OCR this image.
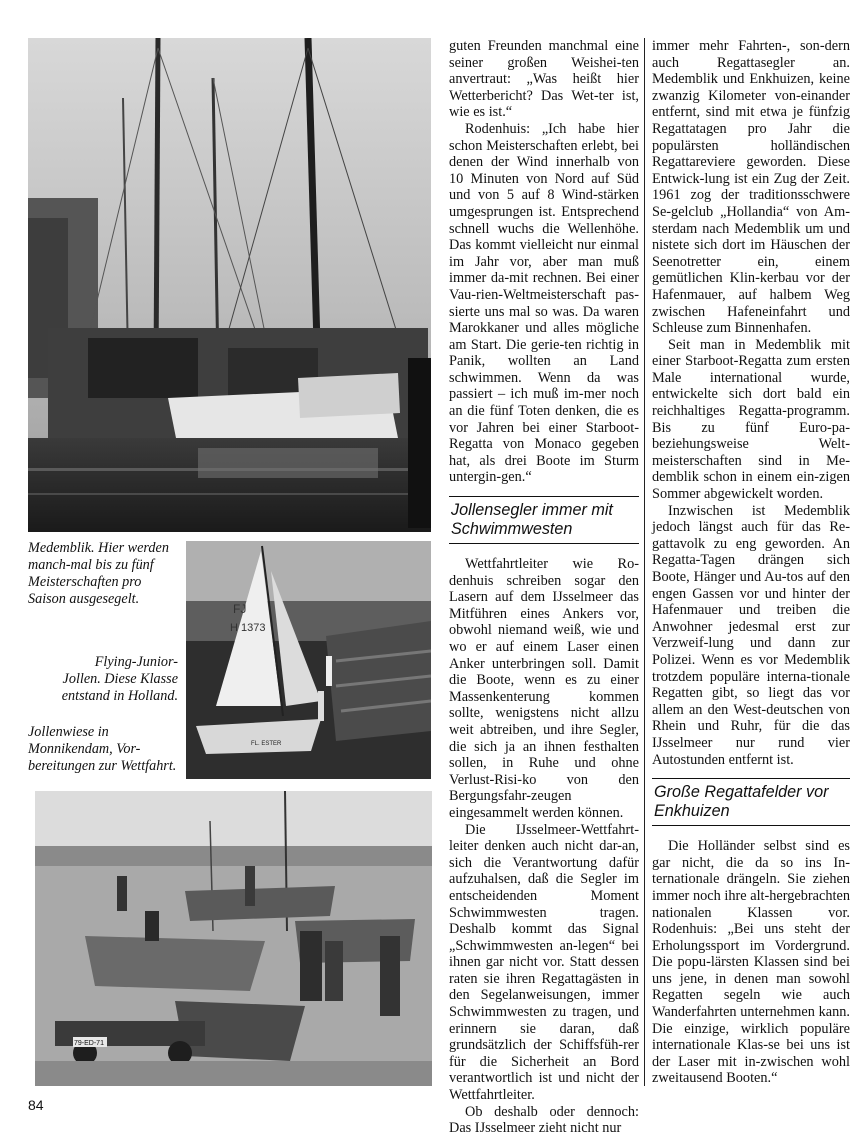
Medemblik. Hier werden manch-mal bis zu fünf Meisterschaften pro Saison ausgesegelt.
FJ
H 1373
FL. ESTER
Flying-Junior-Jollen. Diese Klasse entstand in Holland.
Jollenwiese in Monnikendam, Vor-bereitungen zur Wettfahrt.
79-ED-71

guten Freunden manchmal eine seiner großen Weishei-ten anvertraut: „Was heißt hier Wetterbericht? Das Wet-ter ist, wie es ist.“

Rodenhuis: „Ich habe hier schon Meisterschaften erlebt, bei denen der Wind innerhalb von 10 Minuten von Nord auf Süd und von 5 auf 8 Wind-stärken umgesprungen ist. Entsprechend schnell wuchs die Wellenhöhe. Das kommt vielleicht nur einmal im Jahr vor, aber man muß immer da-mit rechnen. Bei einer Vau-rien-Weltmeisterschaft pas-sierte uns mal so was. Da waren Marokkaner und alles mögliche am Start. Die gerie-ten richtig in Panik, wollten an Land schwimmen. Wenn da was passiert – ich muß im-mer noch an die fünf Toten denken, die es vor Jahren bei einer Starboot-Regatta von Monaco gegeben hat, als drei Boote im Sturm untergin-gen.“

Jollensegler immer mit Schwimmwesten

Wettfahrtleiter wie Ro-denhuis schreiben sogar den Lasern auf dem IJsselmeer das Mitführen eines Ankers vor, obwohl niemand weiß, wie und wo er auf einem Laser einen Anker unterbringen soll. Damit die Boote, wenn es zu einer Massenkenterung kommen sollte, wenigstens nicht allzu weit abtreiben, und ihre Segler, die sich ja an ihnen festhalten sollen, in Ruhe und ohne Verlust-Risi-ko von den Bergungsfahr-zeugen eingesammelt werden können.

Die IJsselmeer-Wettfahrt-leiter denken auch nicht dar-an, sich die Verantwortung dafür aufzuhalsen, daß die Segler im entscheidenden Moment Schwimmwesten tragen. Deshalb kommt das Signal „Schwimmwesten an-legen“ bei ihnen gar nicht vor. Statt dessen raten sie ihren Regattagästen in den Segelanweisungen, immer Schwimmwesten zu tragen, und erinnern sie daran, daß grundsätzlich der Schiffsfüh-rer für die Sicherheit an Bord verantwortlich ist und nicht der Wettfahrtleiter.

Ob deshalb oder dennoch: Das IJsselmeer zieht nicht nur

immer mehr Fahrten-, son-dern auch Regattasegler an. Medemblik und Enkhuizen, keine zwanzig Kilometer von-einander entfernt, sind mit etwa je fünfzig Regattatagen pro Jahr die populärsten holländischen Regattareviere geworden. Diese Entwick-lung ist ein Zug der Zeit. 1961 zog der traditionsschwere Se-gelclub „Hollandia“ von Am-sterdam nach Medemblik um und nistete sich dort im Häuschen der Seenotretter ein, einem gemütlichen Klin-kerbau vor der Hafenmauer, auf halbem Weg zwischen Hafeneinfahrt und Schleuse zum Binnenhafen.

Seit man in Medemblik mit einer Starboot-Regatta zum ersten Male international wurde, entwickelte sich dort bald ein reichhaltiges Regatta-programm. Bis zu fünf Euro-pa- beziehungsweise Welt-meisterschaften sind in Me-demblik schon in einem ein-zigen Sommer abgewickelt worden.

Inzwischen ist Medemblik jedoch längst auch für das Re-gattavolk zu eng geworden. An Regatta-Tagen drängen sich Boote, Hänger und Au-tos auf den engen Gassen vor und hinter der Hafenmauer und treiben die Anwohner jedesmal erst zur Verzweif-lung und dann zur Polizei. Wenn es vor Medemblik trotzdem populäre interna-tionale Regatten gibt, so liegt das vor allem an den West-deutschen von Rhein und Ruhr, für die das IJsselmeer nur rund vier Autostunden entfernt ist.

Große Regattafelder vor Enkhuizen

Die Holländer selbst sind es gar nicht, die da so ins In-ternationale drängeln. Sie ziehen immer noch ihre alt-hergebrachten nationalen Klassen vor. Rodenhuis: „Bei uns steht der Erholungssport im Vordergrund. Die popu-lärsten Klassen sind bei uns jene, in denen man sowohl Regatten segeln wie auch Wanderfahrten unternehmen kann. Die einzige, wirklich populäre internationale Klas-se bei uns ist der Laser mit in-zwischen wohl zweitausend Booten.“

84
